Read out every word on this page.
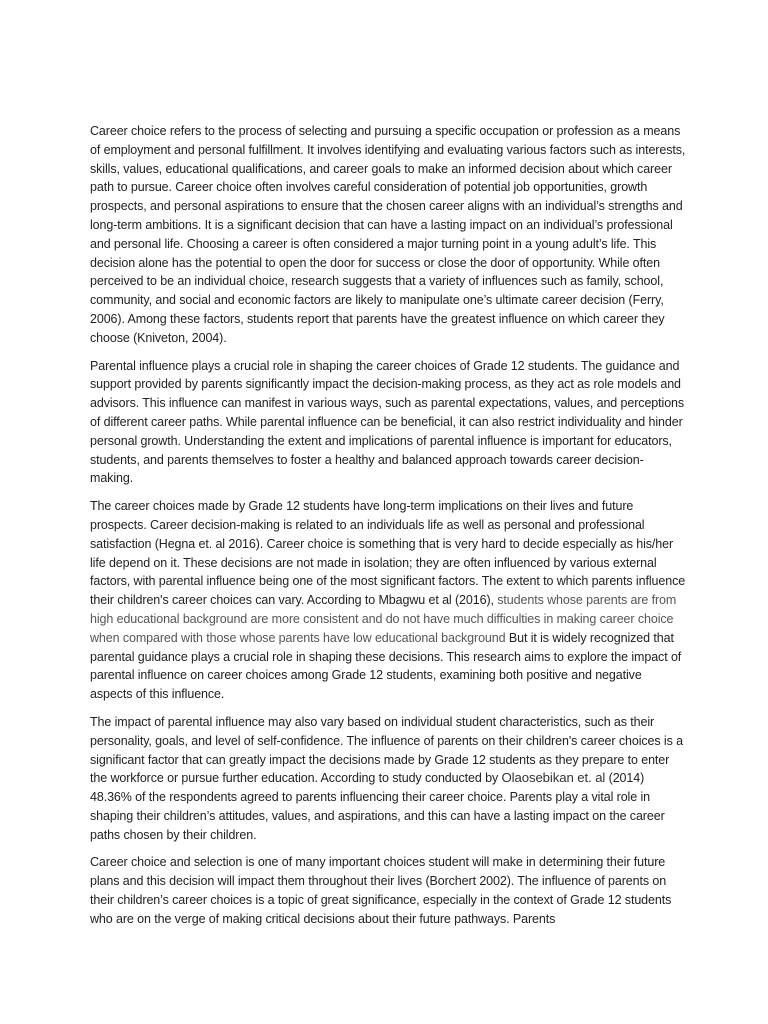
Career choice refers to the process of selecting and pursuing a specific occupation or profession as a means of employment and personal fulfillment. It involves identifying and evaluating various factors such as interests, skills, values, educational qualifications, and career goals to make an informed decision about which career path to pursue. Career choice often involves careful consideration of potential job opportunities, growth prospects, and personal aspirations to ensure that the chosen career aligns with an individual’s strengths and long-term ambitions. It is a significant decision that can have a lasting impact on an individual’s professional and personal life. Choosing a career is often considered a major turning point in a young adult’s life. This decision alone has the potential to open the door for success or close the door of opportunity. While often perceived to be an individual choice, research suggests that a variety of influences such as family, school, community, and social and economic factors are likely to manipulate one’s ultimate career decision (Ferry, 2006). Among these factors, students report that parents have the greatest influence on which career they choose (Kniveton, 2004).

Parental influence plays a crucial role in shaping the career choices of Grade 12 students. The guidance and support provided by parents significantly impact the decision-making process, as they act as role models and advisors. This influence can manifest in various ways, such as parental expectations, values, and perceptions of different career paths. While parental influence can be beneficial, it can also restrict individuality and hinder personal growth. Understanding the extent and implications of parental influence is important for educators, students, and parents themselves to foster a healthy and balanced approach towards career decision-making.

The career choices made by Grade 12 students have long-term implications on their lives and future prospects. Career decision-making is related to an individuals life as well as personal and professional satisfaction (Hegna et. al 2016). Career choice is something that is very hard to decide especially as his/her life depend on it. These decisions are not made in isolation; they are often influenced by various external factors, with parental influence being one of the most significant factors. The extent to which parents influence their children's career choices can vary. According to Mbagwu et al (2016), students whose parents are from high educational background are more consistent and do not have much difficulties in making career choice when compared with those whose parents have low educational background But it is widely recognized that parental guidance plays a crucial role in shaping these decisions. This research aims to explore the impact of parental influence on career choices among Grade 12 students, examining both positive and negative aspects of this influence.

The impact of parental influence may also vary based on individual student characteristics, such as their personality, goals, and level of self-confidence. The influence of parents on their children's career choices is a significant factor that can greatly impact the decisions made by Grade 12 students as they prepare to enter the workforce or pursue further education. According to study conducted by Olaosebikan et. al (2014) 48.36% of the respondents agreed to parents influencing their career choice. Parents play a vital role in shaping their children’s attitudes, values, and aspirations, and this can have a lasting impact on the career paths chosen by their children.

Career choice and selection is one of many important choices student will make in determining their future plans and this decision will impact them throughout their lives (Borchert 2002). The influence of parents on their children’s career choices is a topic of great significance, especially in the context of Grade 12 students who are on the verge of making critical decisions about their future pathways. Parents
